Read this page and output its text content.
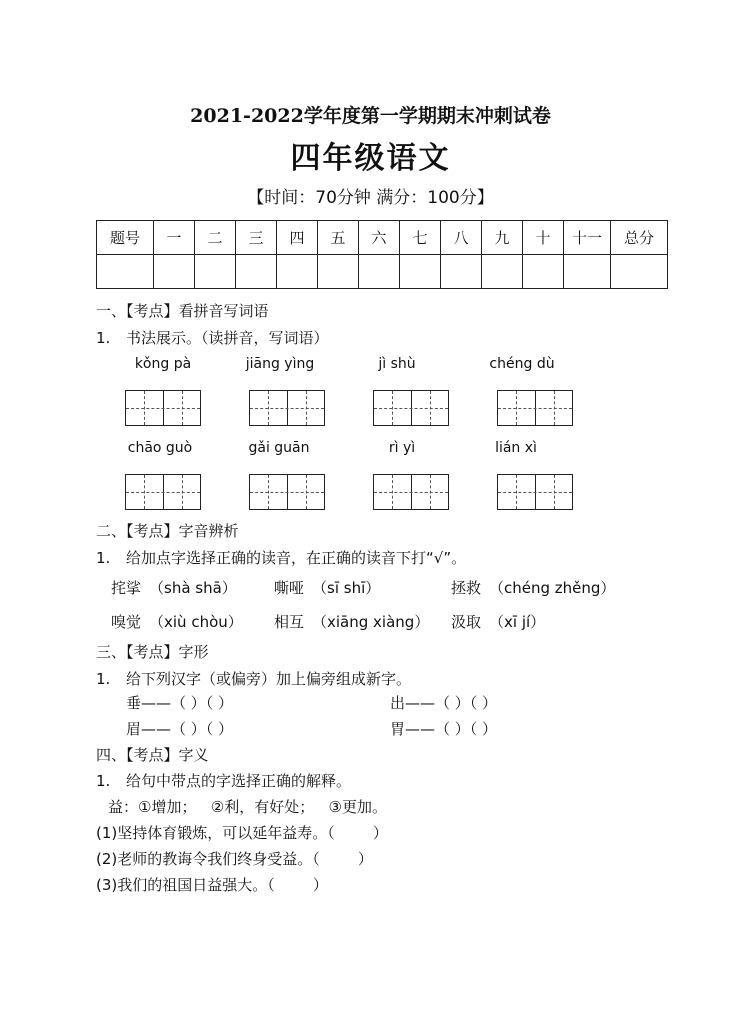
2021-2022学年度第一学期期末冲刺试卷
四年级语文
【时间：70分钟 满分：100分】
题号	一	二	三	四	五	六	七	八	九	十	十一	总分

一、【考点】看拼音写词语
1. 书法展示。（读拼音，写词语）
kǒng pà	jiāng yìng	jì shù	chéng dù
chāo guò	gǎi guān	rì yì	lián xì
二、【考点】字音辨析
1. 给加点字选择正确的读音，在正确的读音下打“√”。
挓挲 （shà shā） 嘶哑 （sī shī）	拯救 （chéng zhěng）
嗅觉 （xiù chòu） 相互 （xiāng xiàng） 汲取 （xī jí）
三、【考点】字形
1. 给下列汉字（或偏旁）加上偏旁组成新字。
垂——（ ）（ ）	出——（ ）（ ）
眉——（ ）（ ）	胃——（ ）（ ）
四、【考点】字义
1. 给句中带点的字选择正确的解释。
益：①增加；   ②利，有好处；   ③更加。
(1)坚持体育锻炼，可以延年益寿。（        ）
(2)老师的教诲令我们终身受益。（        ）
(3)我们的祖国日益强大。（        ）
